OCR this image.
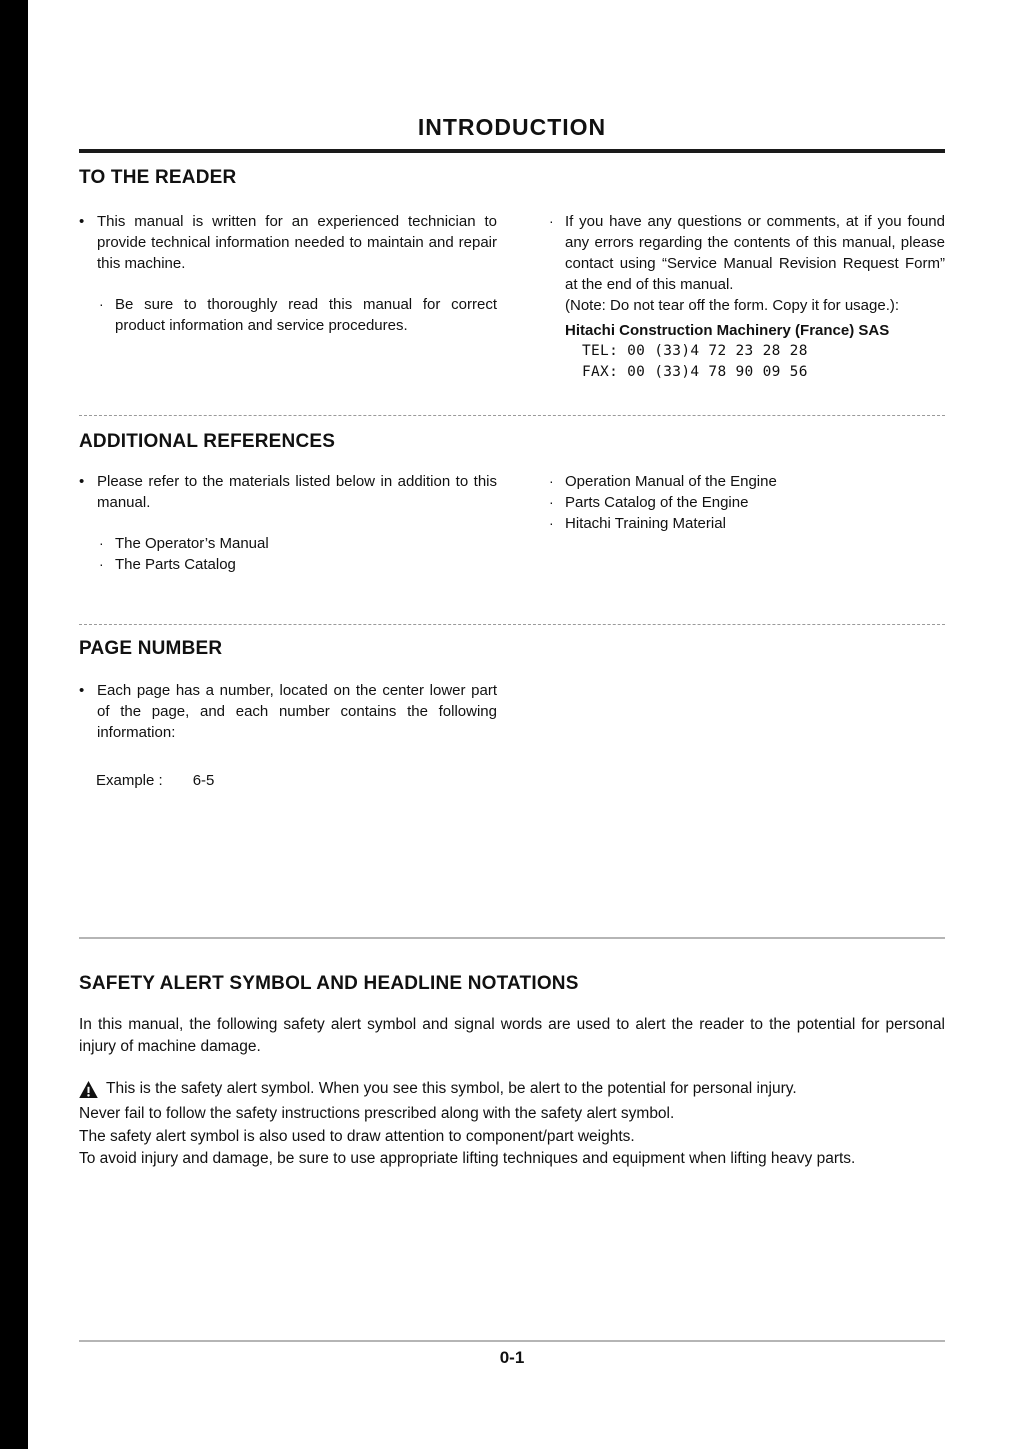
INTRODUCTION
TO THE READER
• This manual is written for an experienced technician to provide technical information needed to maintain and repair this machine.
· Be sure to thoroughly read this manual for correct product information and service procedures.
· If you have any questions or comments, at if you found any errors regarding the contents of this manual, please contact using “Service Manual Revision Request Form” at the end of this manual.
(Note: Do not tear off the form. Copy it for usage.):
Hitachi Construction Machinery (France) SAS
TEL: 00 (33)4 72 23 28 28
FAX: 00 (33)4 78 90 09 56
ADDITIONAL REFERENCES
• Please refer to the materials listed below in addition to this manual.
· The Operator’s Manual
· The Parts Catalog
· Operation Manual of the Engine
· Parts Catalog of the Engine
· Hitachi Training Material
PAGE NUMBER
• Each page has a number, located on the center lower part of the page, and each number contains the following information:
Example : 6-5
SAFETY ALERT SYMBOL AND HEADLINE NOTATIONS
In this manual, the following safety alert symbol and signal words are used to alert the reader to the potential for personal injury of machine damage.
This is the safety alert symbol. When you see this symbol, be alert to the potential for personal injury.
Never fail to follow the safety instructions prescribed along with the safety alert symbol.
The safety alert symbol is also used to draw attention to component/part weights.
To avoid injury and damage, be sure to use appropriate lifting techniques and equipment when lifting heavy parts.
0-1
